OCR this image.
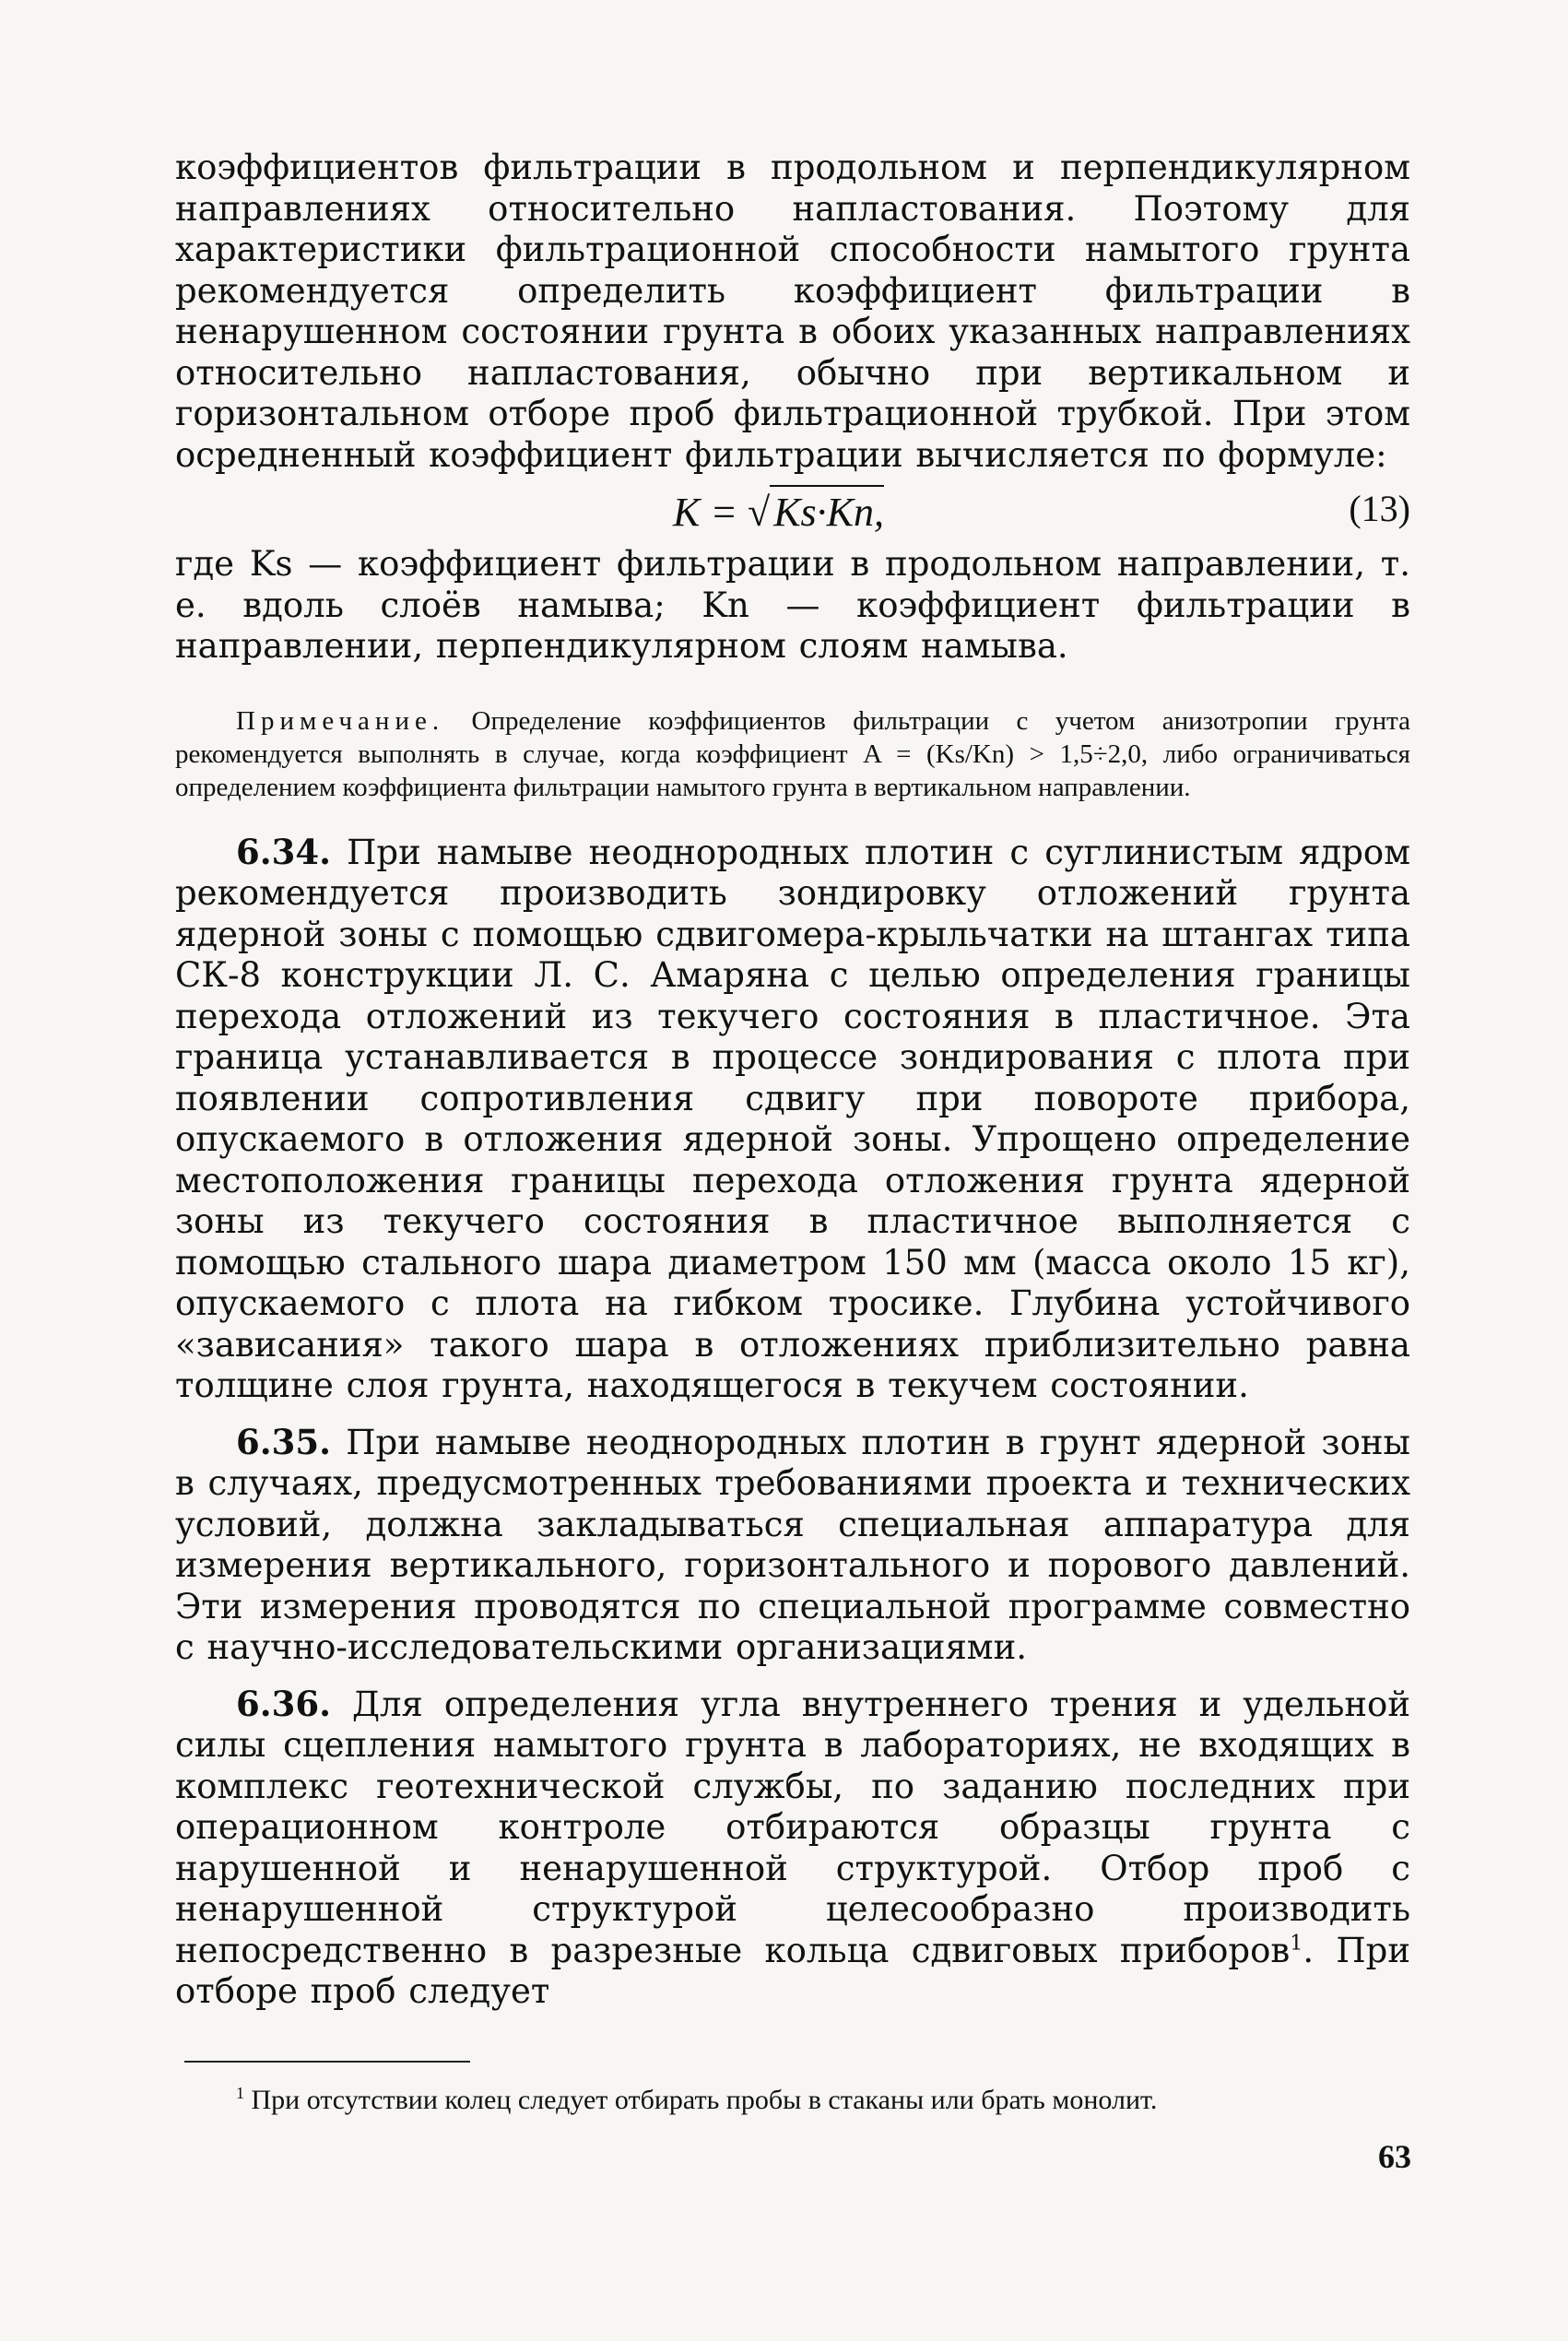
коэффициентов фильтрации в продольном и перпендикулярном направлениях относительно напластования. Поэтому для характеристики фильтрационной способности намытого грунта рекомендуется определить коэффициент фильтрации в ненарушенном состоянии грунта в обоих указанных направлениях относительно напластования, обычно при вертикальном и горизонтальном отборе проб фильтрационной трубкой. При этом осредненный коэффициент фильтрации вычисляется по формуле:

K = √Ks·Kn,	(13)

где Ks — коэффициент фильтрации в продольном направлении, т. е. вдоль слоёв намыва; Kn — коэффициент фильтрации в направлении, перпендикулярном слоям намыва.

Примечание. Определение коэффициентов фильтрации с учетом анизотропии грунта рекомендуется выполнять в случае, когда коэффициент A = (Ks/Kn) > 1,5÷2,0, либо ограничиваться определением коэффициента фильтрации намытого грунта в вертикальном направлении.

6.34. При намыве неоднородных плотин с суглинистым ядром рекомендуется производить зондировку отложений грунта ядерной зоны с помощью сдвигомера-крыльчатки на штангах типа СК-8 конструкции Л. С. Амаряна с целью определения границы перехода отложений из текучего состояния в пластичное. Эта граница устанавливается в процессе зондирования с плота при появлении сопротивления сдвигу при повороте прибора, опускаемого в отложения ядерной зоны. Упрощено определение местоположения границы перехода отложения грунта ядерной зоны из текучего состояния в пластичное выполняется с помощью стального шара диаметром 150 мм (масса около 15 кг), опускаемого с плота на гибком тросике. Глубина устойчивого «зависания» такого шара в отложениях приблизительно равна толщине слоя грунта, находящегося в текучем состоянии.

6.35. При намыве неоднородных плотин в грунт ядерной зоны в случаях, предусмотренных требованиями проекта и технических условий, должна закладываться специальная аппаратура для измерения вертикального, горизонтального и порового давлений. Эти измерения проводятся по специальной программе совместно с научно-исследовательскими организациями.

6.36. Для определения угла внутреннего трения и удельной силы сцепления намытого грунта в лабораториях, не входящих в комплекс геотехнической службы, по заданию последних при операционном контроле отбираются образцы грунта с нарушенной и ненарушенной структурой. Отбор проб с ненарушенной структурой целесообразно производить непосредственно в разрезные кольца сдвиговых приборов$^1$. При отборе проб следует

$^1$ При отсутствии колец следует отбирать пробы в стаканы или брать монолит.

63
